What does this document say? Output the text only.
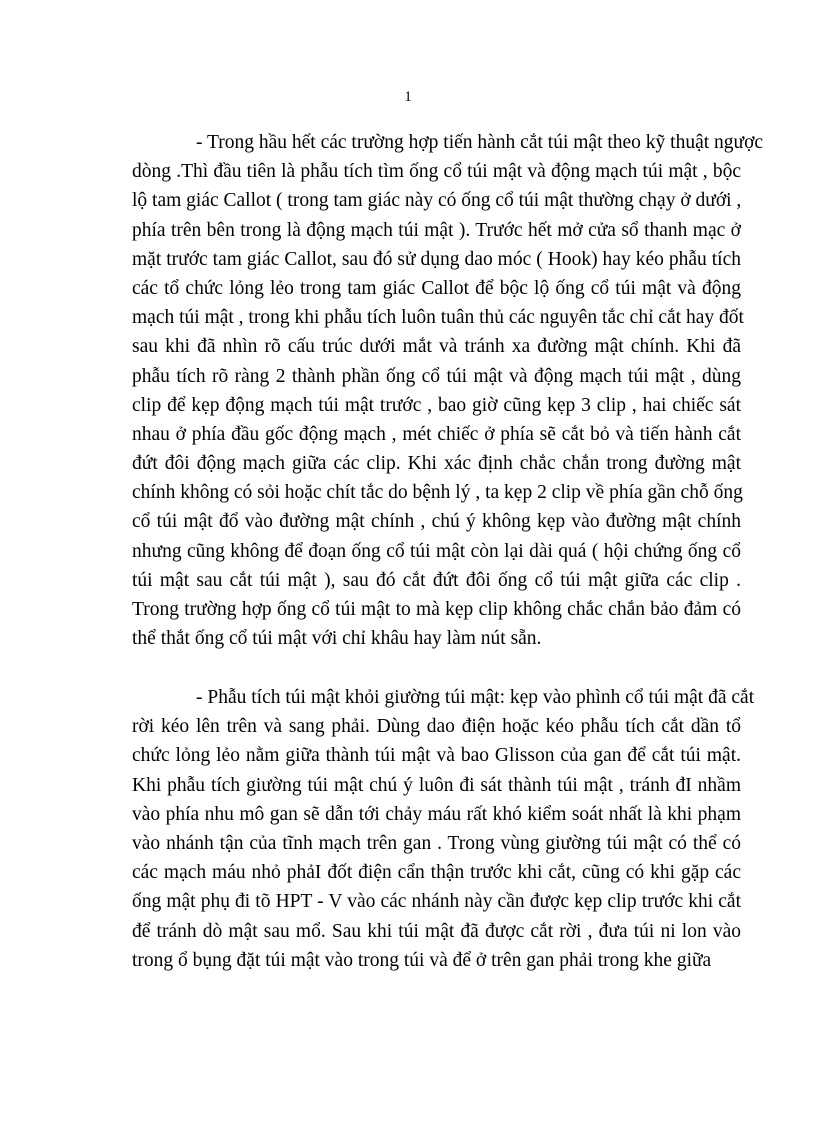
1

- Trong hầu hết các trường hợp tiến hành cắt túi mật theo kỹ thuật ngược
dòng .Thì đầu tiên là phẫu tích tìm ống cổ túi mật và động mạch túi mật , bộc
lộ tam giác Callot ( trong tam giác này có ống cổ túi mật thường chạy ở dưới ,
phía trên bên trong là động mạch túi mật ). Trước hết mở cửa sổ thanh mạc ở
mặt trước tam giác Callot, sau đó sử dụng dao móc ( Hook) hay kéo phẫu tích
các tổ chức lỏng lẻo trong tam giác Callot để bộc lộ ống cổ túi mật và động
mạch túi mật , trong khi phẫu tích luôn tuân thủ các nguyên tắc chỉ cắt hay đốt
sau khi đã nhìn rõ cấu trúc dưới mắt và tránh xa đường mật chính. Khi đã
phẫu tích rõ ràng 2 thành phần ống cổ túi mật và động mạch túi mật , dùng
clip để kẹp động mạch túi mật trước , bao giờ cũng kẹp 3 clip , hai chiếc sát
nhau ở phía đầu gốc động mạch , mét chiếc ở phía sẽ cắt bỏ và tiến hành cắt
đứt đôi động mạch giữa các clip. Khi xác định chắc chắn trong đường mật
chính không có sỏi hoặc chít tắc do bệnh lý , ta kẹp 2 clip về phía gần chỗ ống
cổ túi mật đổ vào đường mật chính , chú ý không kẹp vào đường mật chính
nhưng cũng không để đoạn ống cổ túi mật còn lại dài quá ( hội chứng ống cổ
túi mật sau cắt túi mật ), sau đó cắt đứt đôi ống cổ túi mật giữa các clip .
Trong trường hợp ống cổ túi mật to mà kẹp clip không chắc chắn bảo đảm có
thể thắt ống cổ túi mật với chỉ khâu hay làm nút sẵn.
- Phẫu tích túi mật khỏi giường túi mật: kẹp vào phình cổ túi mật đã cắt
rời kéo lên trên và sang phải. Dùng dao điện hoặc kéo phẫu tích cắt dần tổ
chức lỏng lẻo nằm giữa thành túi mật và bao Glisson của gan để cắt túi mật.
Khi phẫu tích giường túi mật chú ý luôn đi sát thành túi mật , tránh đI nhầm
vào phía nhu mô gan sẽ dẫn tới chảy máu rất khó kiểm soát nhất là khi phạm
vào nhánh tận của tĩnh mạch trên gan . Trong vùng giường túi mật có thể có
các mạch máu nhỏ phảI đốt điện cẩn thận trước khi cắt, cũng có khi gặp các
ống mật phụ đi tõ HPT - V vào các nhánh này cần được kẹp clip trước khi cắt
để tránh dò mật sau mổ. Sau khi túi mật đã được cắt rời , đưa túi ni lon vào
trong ổ bụng đặt túi mật vào trong túi và để ở trên gan phải trong khe giữa
